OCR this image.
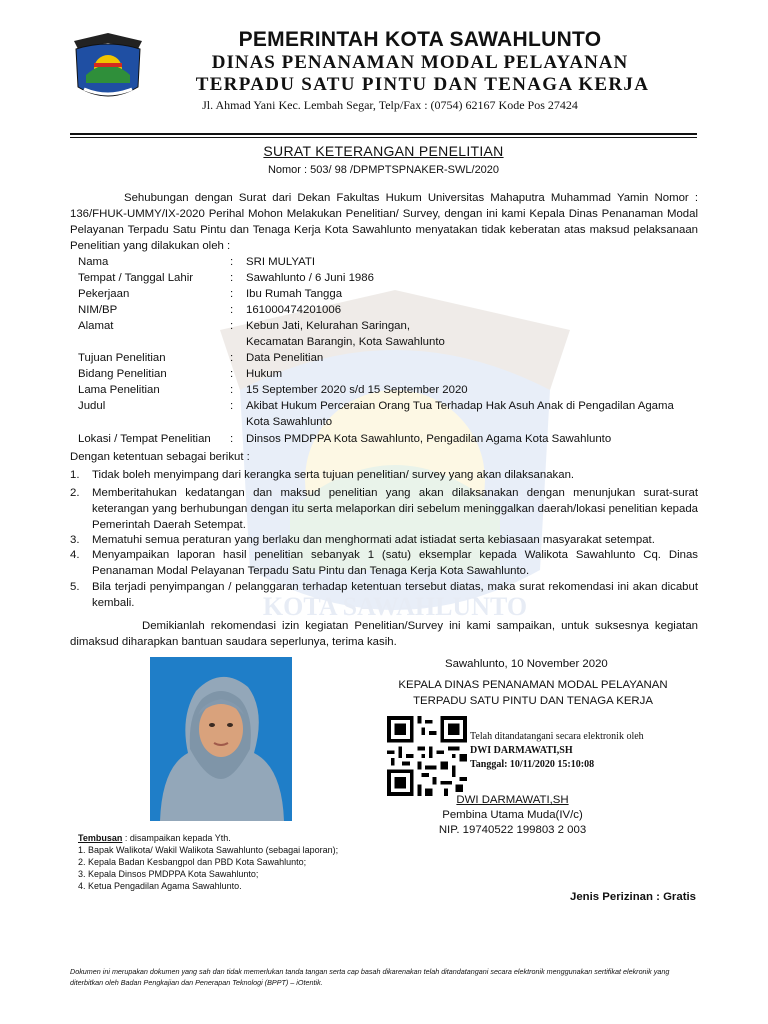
KOTA SAWAHLUNTO
PEMERINTAH KOTA SAWAHLUNTO
DINAS PENANAMAN MODAL PELAYANAN
TERPADU SATU PINTU DAN TENAGA KERJA
Jl. Ahmad Yani Kec. Lembah Segar, Telp/Fax : (0754) 62167 Kode Pos 27424
SURAT KETERANGAN PENELITIAN
Nomor : 503/ 98 /DPMPTSPNAKER-SWL/2020
Sehubungan dengan Surat dari Dekan Fakultas Hukum Universitas Mahaputra Muhammad Yamin Nomor : 136/FHUK-UMMY/IX-2020 Perihal Mohon Melakukan Penelitian/ Survey, dengan ini kami Kepala Dinas Penanaman Modal Pelayanan Terpadu Satu Pintu dan Tenaga Kerja Kota Sawahlunto menyatakan tidak keberatan atas maksud pelaksanaan Penelitian yang dilakukan oleh :
Nama	:	SRI MULYATI
Tempat / Tanggal Lahir	:	Sawahlunto / 6 Juni 1986
Pekerjaan	:	Ibu Rumah Tangga
NIM/BP	:	161000474201006
Alamat	:	Kebun Jati, Kelurahan Saringan,
Kecamatan Barangin, Kota Sawahlunto
Tujuan Penelitian	:	Data Penelitian
Bidang Penelitian	:	Hukum
Lama Penelitian	:	15 September 2020 s/d 15 September 2020
Judul	:	Akibat Hukum Perceraian Orang Tua Terhadap Hak Asuh Anak di Pengadilan Agama
Kota Sawahlunto
Lokasi / Tempat Penelitian	:	Dinsos PMDPPA Kota Sawahlunto, Pengadilan Agama Kota Sawahlunto
Dengan ketentuan sebagai berikut :
1.	Tidak boleh menyimpang dari kerangka serta tujuan penelitian/ survey yang akan dilaksanakan.
2.	Memberitahukan kedatangan dan maksud penelitian yang akan dilaksanakan dengan menunjukan surat-surat keterangan yang berhubungan dengan itu serta melaporkan diri sebelum meninggalkan daerah/lokasi penelitian kepada Pemerintah Daerah Setempat.
3.	Mematuhi semua peraturan yang berlaku dan menghormati adat istiadat serta kebiasaan masyarakat setempat.
4.	Menyampaikan laporan hasil penelitian sebanyak 1 (satu) eksemplar kepada Walikota Sawahlunto Cq. Dinas Penanaman Modal Pelayanan Terpadu Satu Pintu dan Tenaga Kerja Kota Sawahlunto.
5.	Bila terjadi penyimpangan / pelanggaran terhadap ketentuan tersebut diatas, maka surat rekomendasi ini akan dicabut kembali.
Demikianlah rekomendasi izin kegiatan Penelitian/Survey ini kami sampaikan, untuk suksesnya kegiatan dimaksud diharapkan bantuan saudara seperlunya, terima kasih.
Sawahlunto, 10 November 2020
KEPALA DINAS PENANAMAN MODAL PELAYANAN
TERPADU SATU PINTU DAN TENAGA KERJA
Telah ditandatangani secara elektronik oleh
DWI DARMAWATI,SH
Tanggal: 10/11/2020 15:10:08
DWI DARMAWATI,SH
Pembina Utama Muda(IV/c)
NIP. 19740522 199803 2 003
Tembusan : disampaikan kepada Yth.
1. Bapak Walikota/ Wakil Walikota Sawahlunto (sebagai laporan);
2. Kepala Badan Kesbangpol dan PBD Kota Sawahlunto;
3. Kepala Dinsos PMDPPA Kota Sawahlunto;
4. Ketua Pengadilan Agama Sawahlunto.
Jenis Perizinan : Gratis
Dokumen ini merupakan dokumen yang sah dan tidak memerlukan tanda tangan serta cap basah dikarenakan telah ditandatangani secara elektronik menggunakan sertifikat elekronik yang diterbitkan oleh Badan Pengkajian dan Penerapan Teknologi (BPPT) – iOtentik.
